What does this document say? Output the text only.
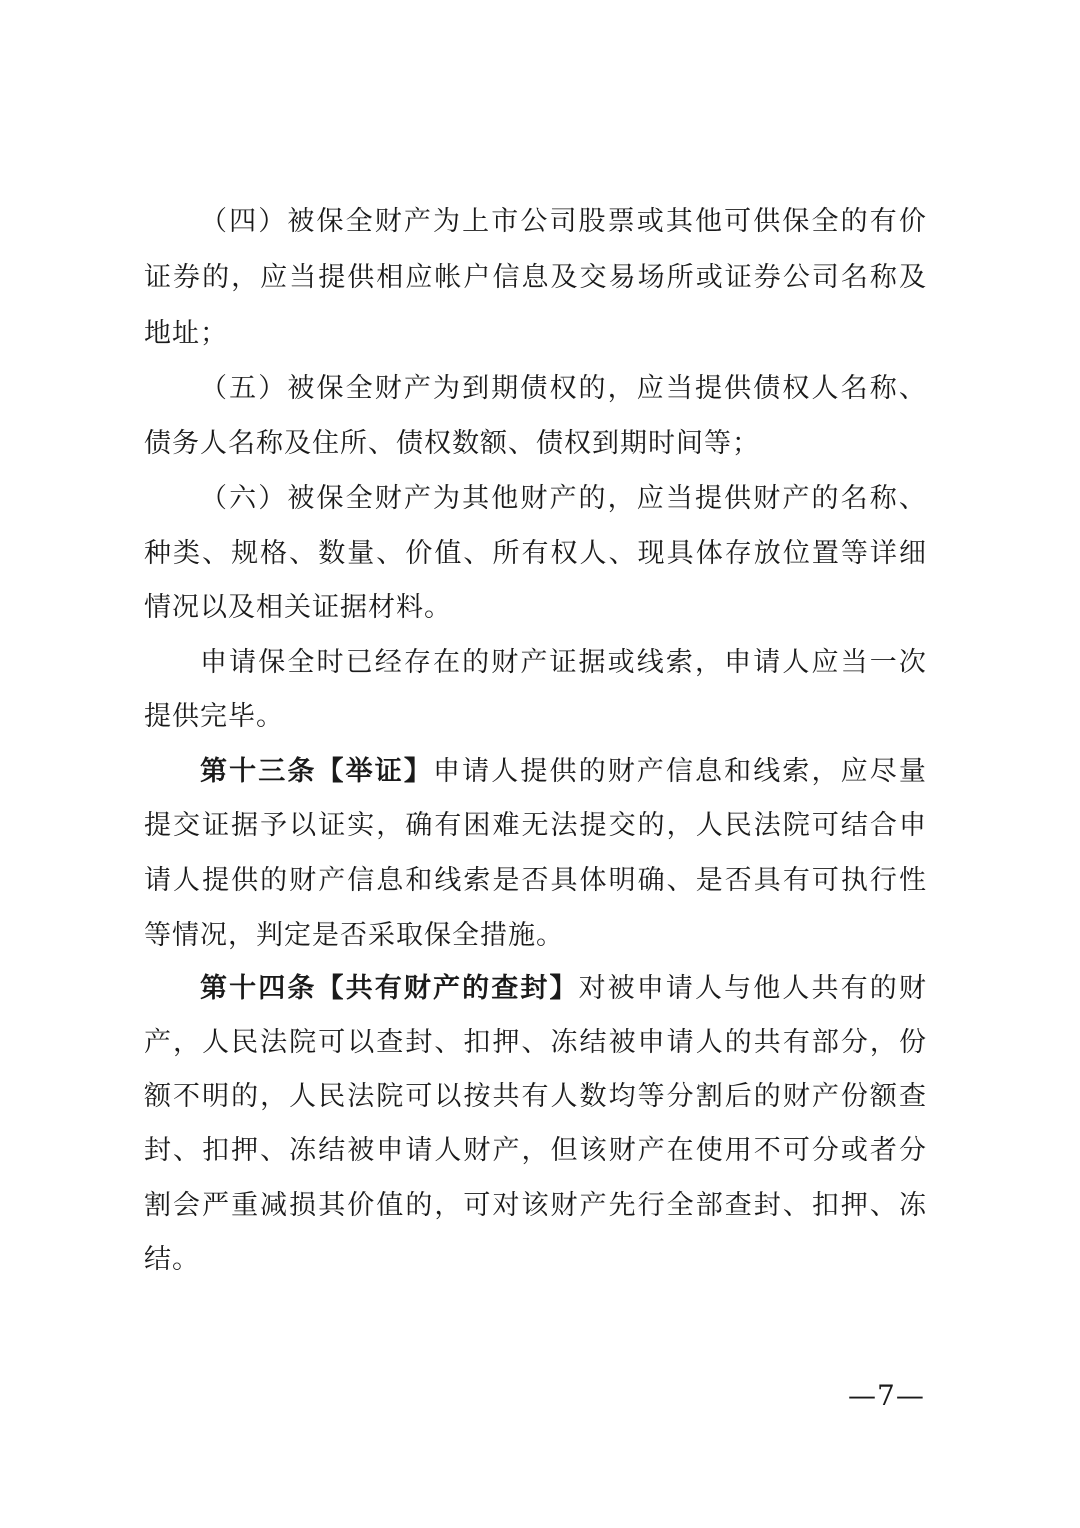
（四）被保全财产为上市公司股票或其他可供保全的有价
证券的，应当提供相应帐户信息及交易场所或证券公司名称及
地址；
（五）被保全财产为到期债权的，应当提供债权人名称、
债务人名称及住所、债权数额、债权到期时间等；
（六）被保全财产为其他财产的，应当提供财产的名称、
种类、规格、数量、价值、所有权人、现具体存放位置等详细
情况以及相关证据材料。
申请保全时已经存在的财产证据或线索，申请人应当一次
提供完毕。
第十三条【举证】申请人提供的财产信息和线索，应尽量
提交证据予以证实，确有困难无法提交的，人民法院可结合申
请人提供的财产信息和线索是否具体明确、是否具有可执行性
等情况，判定是否采取保全措施。
第十四条【共有财产的查封】对被申请人与他人共有的财
产，人民法院可以查封、扣押、冻结被申请人的共有部分，份
额不明的，人民法院可以按共有人数均等分割后的财产份额查
封、扣押、冻结被申请人财产，但该财产在使用不可分或者分
割会严重减损其价值的，可对该财产先行全部查封、扣押、冻
结。
—7—
